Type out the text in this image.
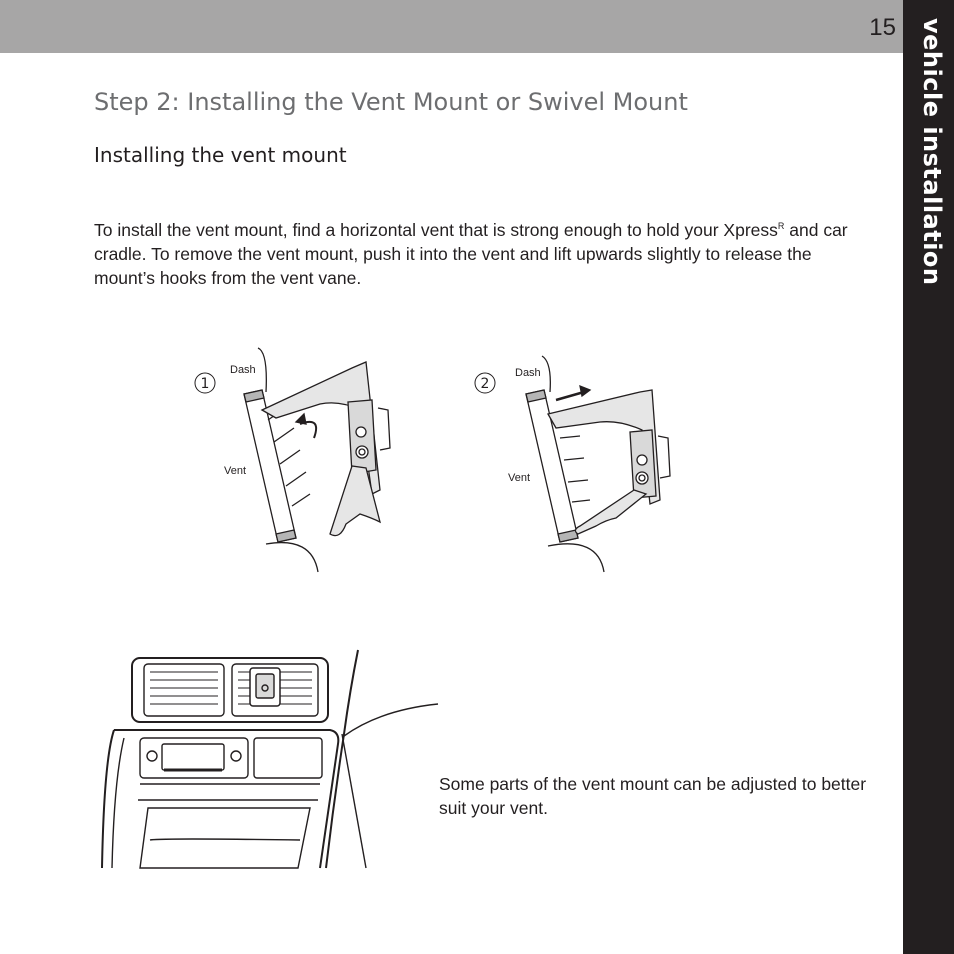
15 vehicle installation
Step 2: Installing the Vent Mount or Swivel Mount
Installing the vent mount
To install the vent mount, find a horizontal vent that is strong enough to hold your Xpress$^R$ and car cradle. To remove the vent mount, push it into the vent and lift upwards slightly to release the mount’s hooks from the vent vane.
1
Dash
Vent
2
Dash
Vent
Some parts of the vent mount can be adjusted to better suit your vent.
